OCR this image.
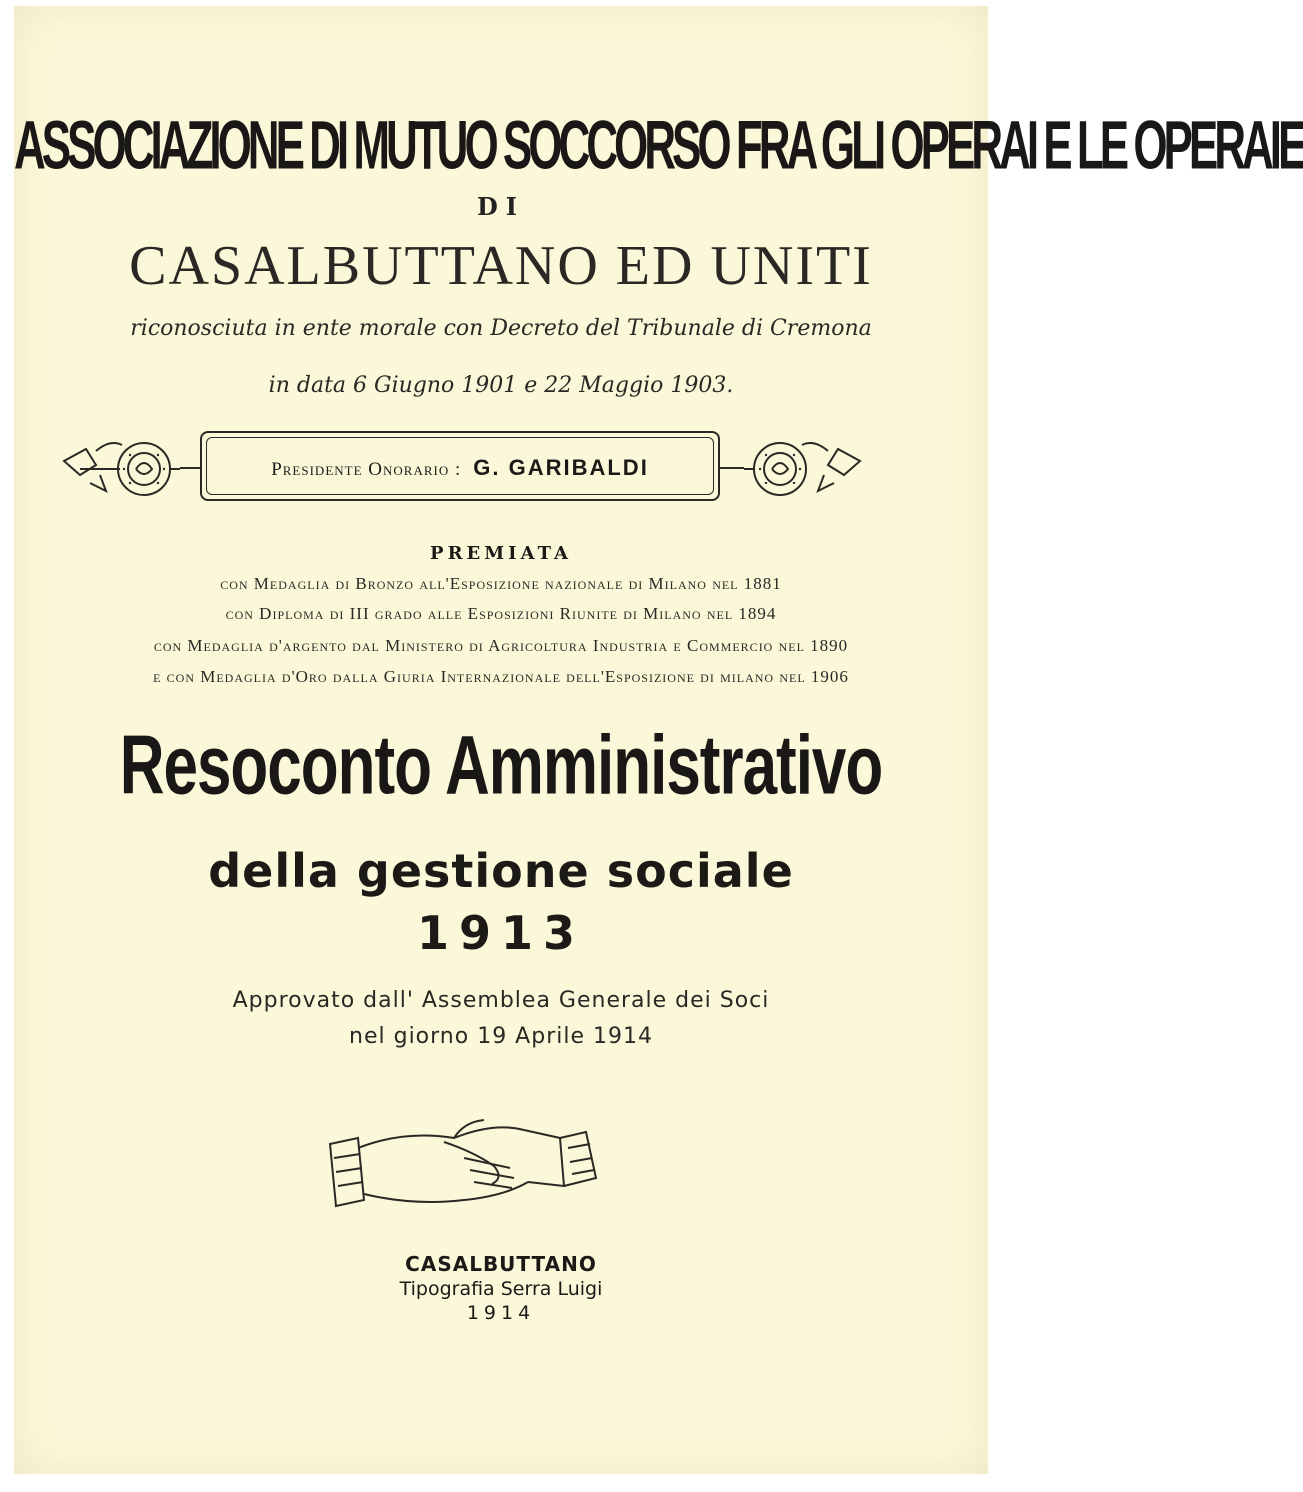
ASSOCIAZIONE DI MUTUO SOCCORSO FRA GLI OPERAI E LE OPERAIE
DI
CASALBUTTANO ED UNITI
riconosciuta in ente morale con Decreto del Tribunale di Cremona
in data 6 Giugno 1901 e 22 Maggio 1903.
Presidente Onorario : G. GARIBALDI
PREMIATA
con Medaglia di Bronzo all'Esposizione nazionale di Milano nel 1881
con Diploma di III grado alle Esposizioni Riunite di Milano nel 1894
con Medaglia d'argento dal Ministero di Agricoltura Industria e Commercio nel 1890
e con Medaglia d'Oro dalla Giuria Internazionale dell'Esposizione di milano nel 1906
Resoconto Amministrativo
della gestione sociale
1913
Approvato dall' Assemblea Generale dei Soci
nel giorno 19 Aprile 1914
CASALBUTTANO
Tipografia Serra Luigi
1914
